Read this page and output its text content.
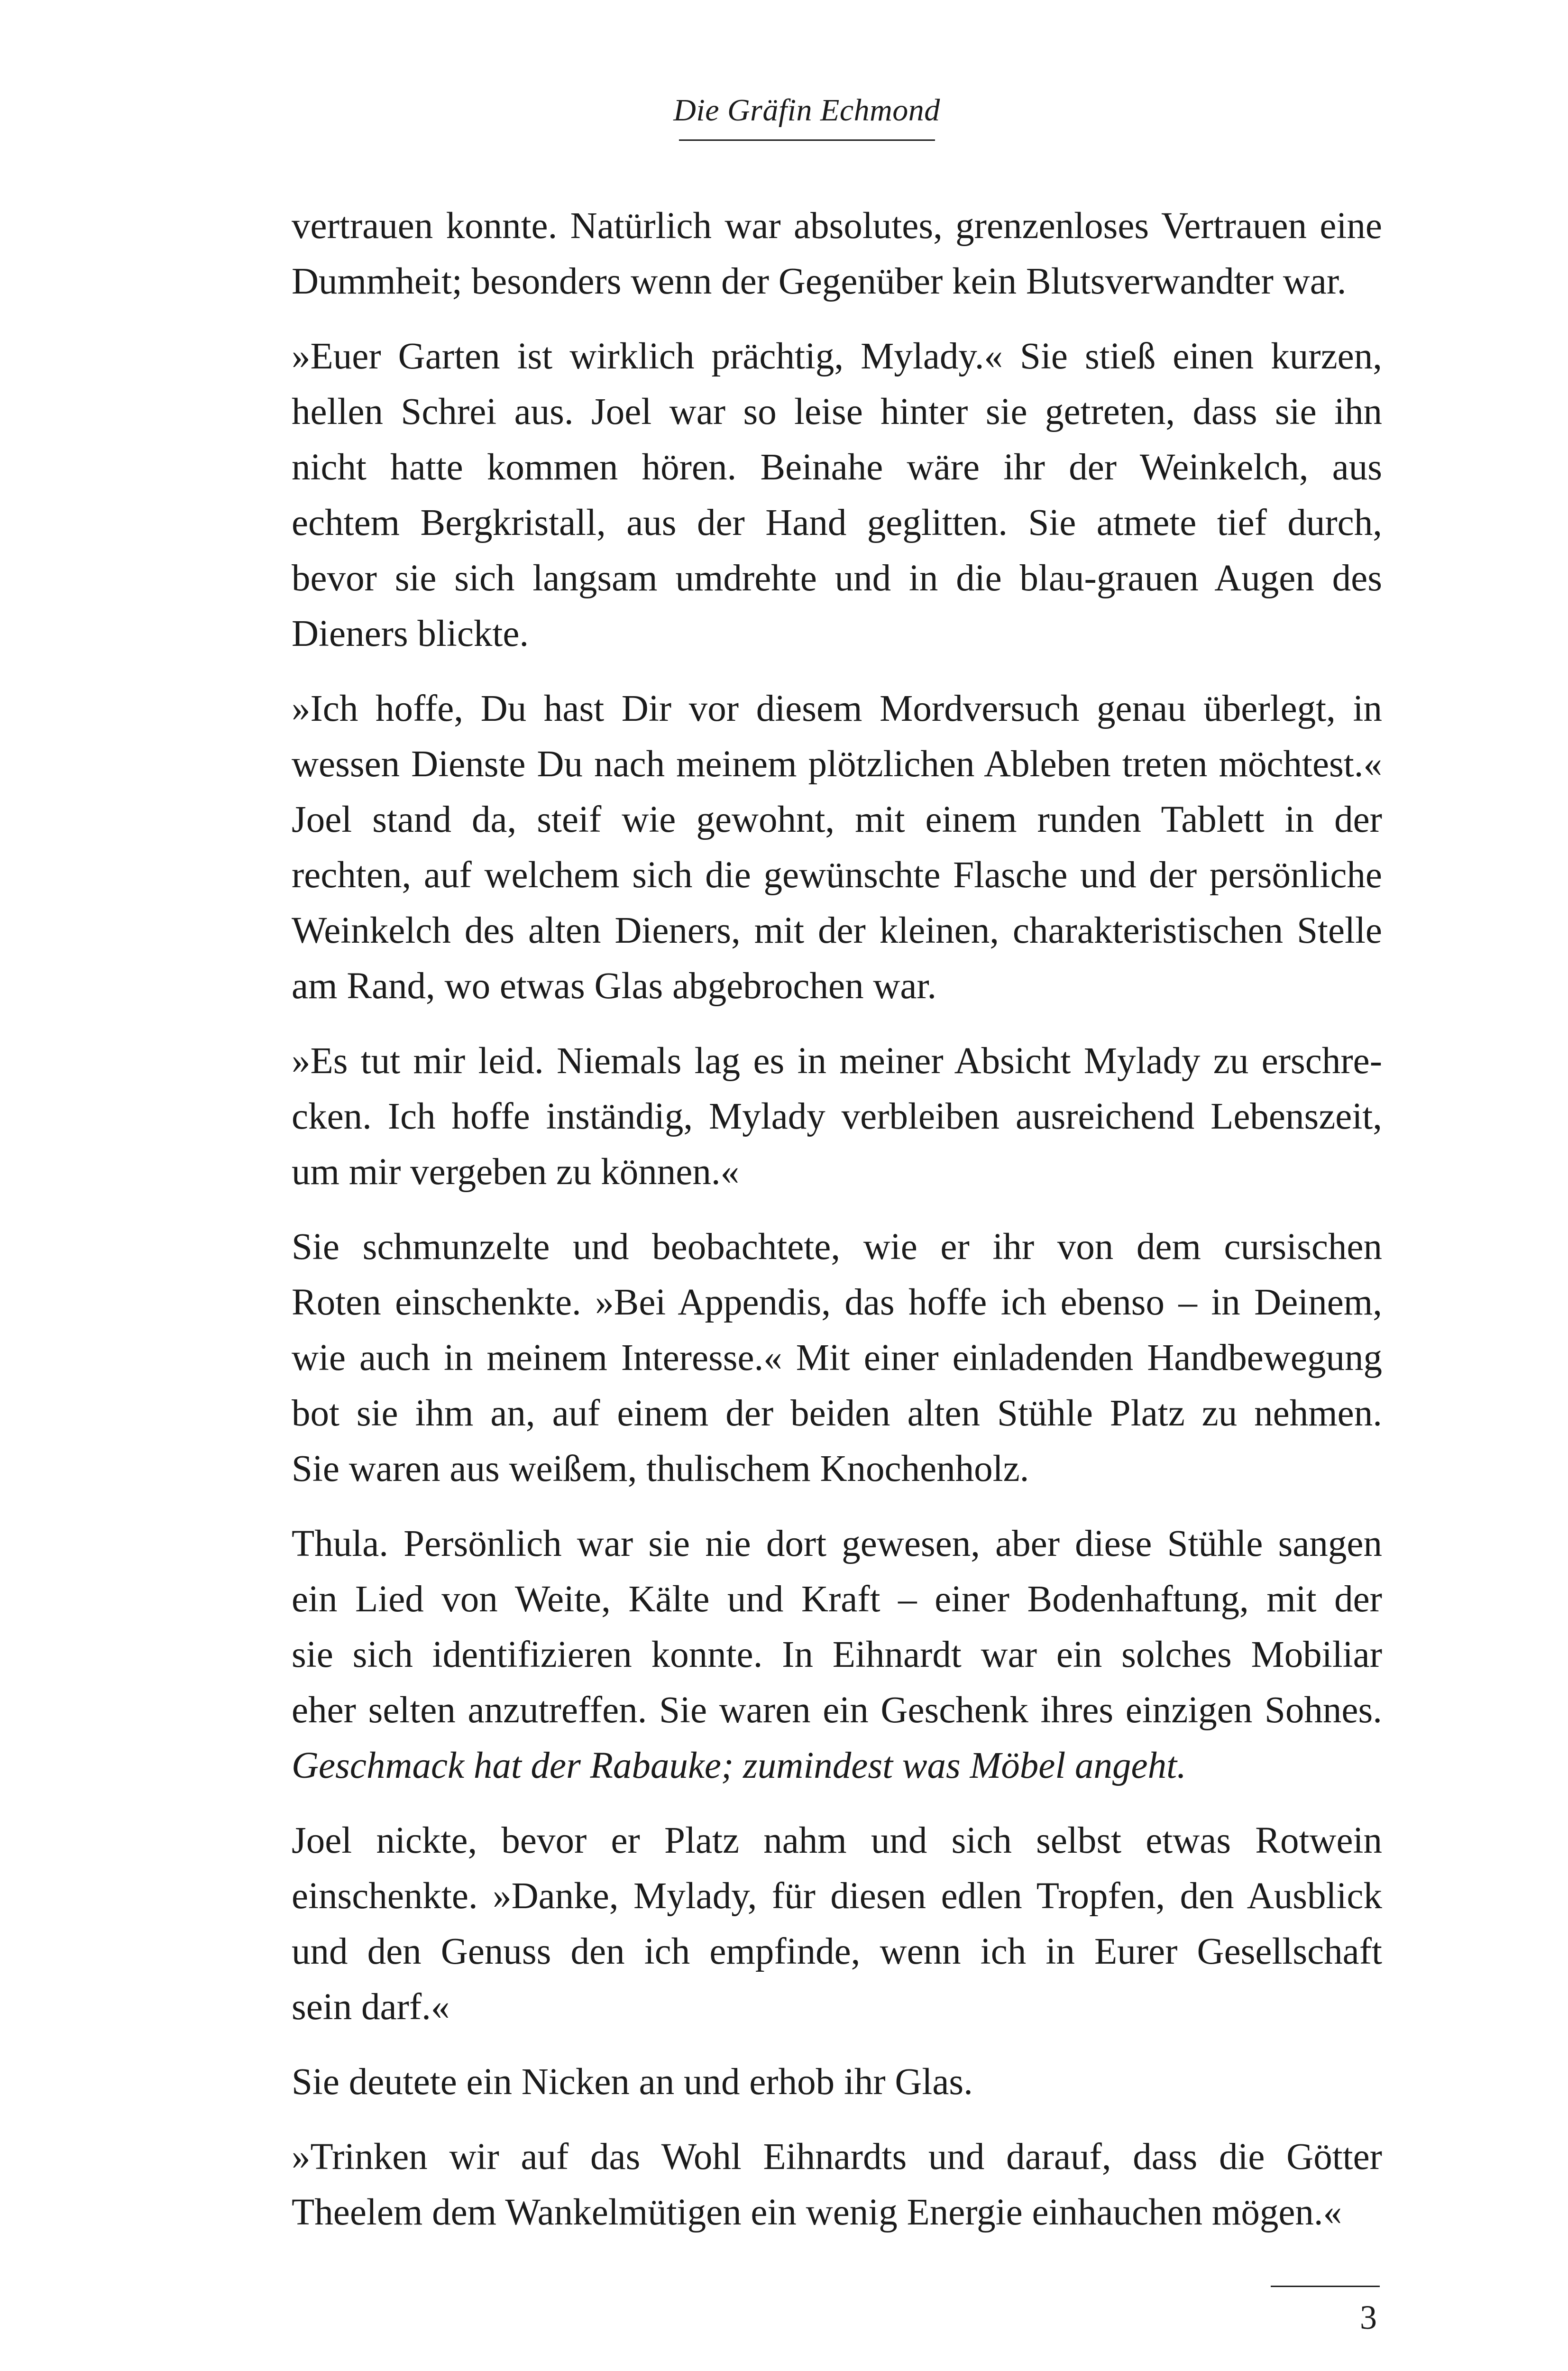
Die Gräfin Echmond

vertrauen konnte. Natürlich war absolutes, grenzenloses Vertrauen eine
Dummheit; besonders wenn der Gegenüber kein Blutsverwandter war.

»Euer Garten ist wirklich prächtig, Mylady.« Sie stieß einen kurzen,
hellen Schrei aus. Joel war so leise hinter sie getreten, dass sie ihn
nicht hatte kommen hören. Beinahe wäre ihr der Weinkelch, aus
echtem Bergkristall, aus der Hand geglitten. Sie atmete tief durch,
bevor sie sich langsam umdrehte und in die blau-grauen Augen des
Dieners blickte.

»Ich hoffe, Du hast Dir vor diesem Mordversuch genau überlegt, in
wessen Dienste Du nach meinem plötzlichen Ableben treten möchtest.«
Joel stand da, steif wie gewohnt, mit einem runden Tablett in der
rechten, auf welchem sich die gewünschte Flasche und der persönliche
Weinkelch des alten Dieners, mit der kleinen, charakteristischen Stelle
am Rand, wo etwas Glas abgebrochen war.

»Es tut mir leid. Niemals lag es in meiner Absicht Mylady zu erschre-
cken. Ich hoffe inständig, Mylady verbleiben ausreichend Lebenszeit,
um mir vergeben zu können.«

Sie schmunzelte und beobachtete, wie er ihr von dem cursischen
Roten einschenkte. »Bei Appendis, das hoffe ich ebenso – in Deinem,
wie auch in meinem Interesse.« Mit einer einladenden Handbewegung
bot sie ihm an, auf einem der beiden alten Stühle Platz zu nehmen.
Sie waren aus weißem, thulischem Knochenholz.

Thula. Persönlich war sie nie dort gewesen, aber diese Stühle sangen
ein Lied von Weite, Kälte und Kraft – einer Bodenhaftung, mit der
sie sich identifizieren konnte. In Eihnardt war ein solches Mobiliar
eher selten anzutreffen. Sie waren ein Geschenk ihres einzigen Sohnes.
Geschmack hat der Rabauke; zumindest was Möbel angeht.

Joel nickte, bevor er Platz nahm und sich selbst etwas Rotwein
einschenkte. »Danke, Mylady, für diesen edlen Tropfen, den Ausblick
und den Genuss den ich empfinde, wenn ich in Eurer Gesellschaft
sein darf.«

Sie deutete ein Nicken an und erhob ihr Glas.

»Trinken wir auf das Wohl Eihnardts und darauf, dass die Götter
Theelem dem Wankelmütigen ein wenig Energie einhauchen mögen.«

3
